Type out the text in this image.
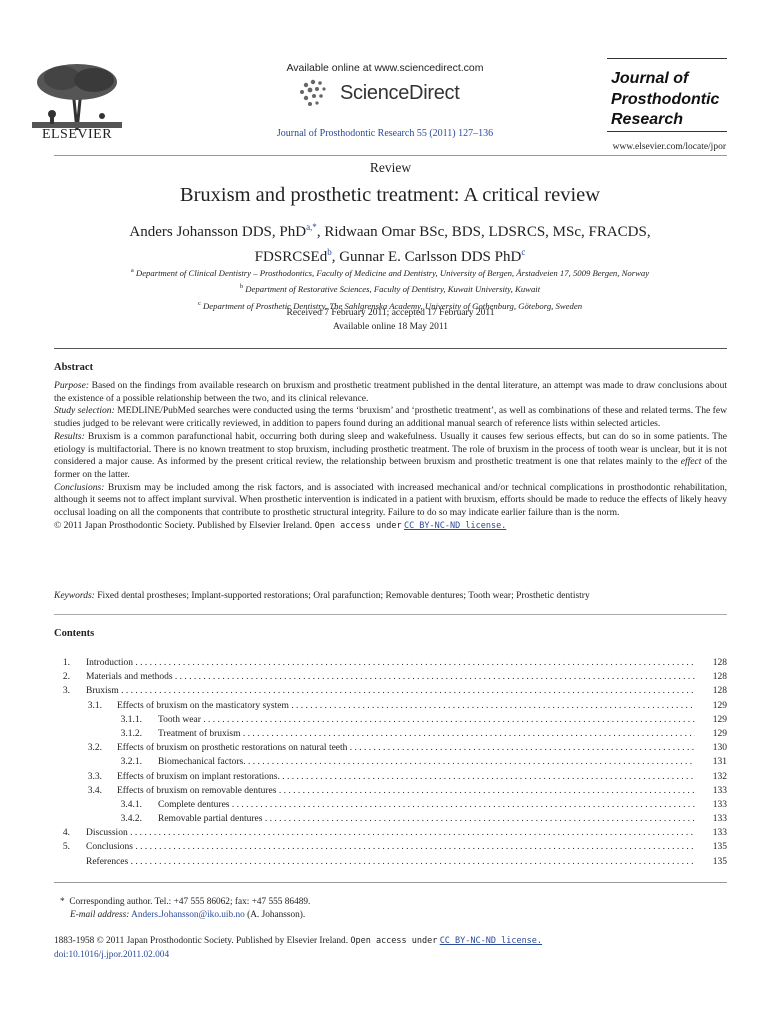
ELSEVIER
Available online at www.sciencedirect.com
ScienceDirect
Journal of Prosthodontic Research 55 (2011) 127–136
Journal of
Prosthodontic
Research
www.elsevier.com/locate/jpor
Review
Bruxism and prosthetic treatment: A critical review
Anders Johansson DDS, PhD$^{a,*}$, Ridwaan Omar BSc, BDS, LDSRCS, MSc, FRACDS,
FDSRCSEd$^b$, Gunnar E. Carlsson DDS PhD$^c$
$^a$ Department of Clinical Dentistry – Prosthodontics, Faculty of Medicine and Dentistry, University of Bergen, Årstadveien 17, 5009 Bergen, Norway
$^b$ Department of Restorative Sciences, Faculty of Dentistry, Kuwait University, Kuwait
$^c$ Department of Prosthetic Dentistry, The Sahlgrenska Academy, University of Gothenburg, Göteborg, Sweden
Received 7 February 2011; accepted 17 February 2011
Available online 18 May 2011
Abstract

Purpose: Based on the findings from available research on bruxism and prosthetic treatment published in the dental literature, an attempt was made to draw conclusions about the existence of a possible relationship between the two, and its clinical relevance.

Study selection: MEDLINE/PubMed searches were conducted using the terms ‘bruxism’ and ‘prosthetic treatment’, as well as combinations of these and related terms. The few studies judged to be relevant were critically reviewed, in addition to papers found during an additional manual search of reference lists within selected articles.

Results: Bruxism is a common parafunctional habit, occurring both during sleep and wakefulness. Usually it causes few serious effects, but can do so in some patients. The etiology is multifactorial. There is no known treatment to stop bruxism, including prosthetic treatment. The role of bruxism in the process of tooth wear is unclear, but it is not considered a major cause. As informed by the present critical review, the relationship between bruxism and prosthetic treatment is one that relates mainly to the effect of the former on the latter.

Conclusions: Bruxism may be included among the risk factors, and is associated with increased mechanical and/or technical complications in prosthodontic rehabilitation, although it seems not to affect implant survival. When prosthetic intervention is indicated in a patient with bruxism, efforts should be made to reduce the effects of likely heavy occlusal loading on all the components that contribute to prosthetic structural integrity. Failure to do so may indicate earlier failure than is the norm.

© 2011 Japan Prosthodontic Society. Published by Elsevier Ireland. Open access under CC BY-NC-ND license.

Keywords: Fixed dental prostheses; Implant-supported restorations; Oral parafunction; Removable dentures; Tooth wear; Prosthetic dentistry
Contents
1. Introduction . . .	128
2. Materials and methods . . .	128
3. Bruxism . . .	128
3.1. Effects of bruxism on the masticatory system . . .	129
3.1.1. Tooth wear . . .	129
3.1.2. Treatment of bruxism . . .	129
3.2. Effects of bruxism on prosthetic restorations on natural teeth . . .	130
3.2.1. Biomechanical factors. . . .	131
3.3. Effects of bruxism on implant restorations. . . .	132
3.4. Effects of bruxism on removable dentures . . .	133
3.4.1. Complete dentures . . .	133
3.4.2. Removable partial dentures . . .	133
4. Discussion . . .	133
5. Conclusions . . .	135
References . . .	135
* Corresponding author. Tel.: +47 555 86062; fax: +47 555 86489.
E-mail address: Anders.Johansson@iko.uib.no (A. Johansson).
1883-1958 © 2011 Japan Prosthodontic Society. Published by Elsevier Ireland. Open access under CC BY-NC-ND license.
doi:10.1016/j.jpor.2011.02.004
